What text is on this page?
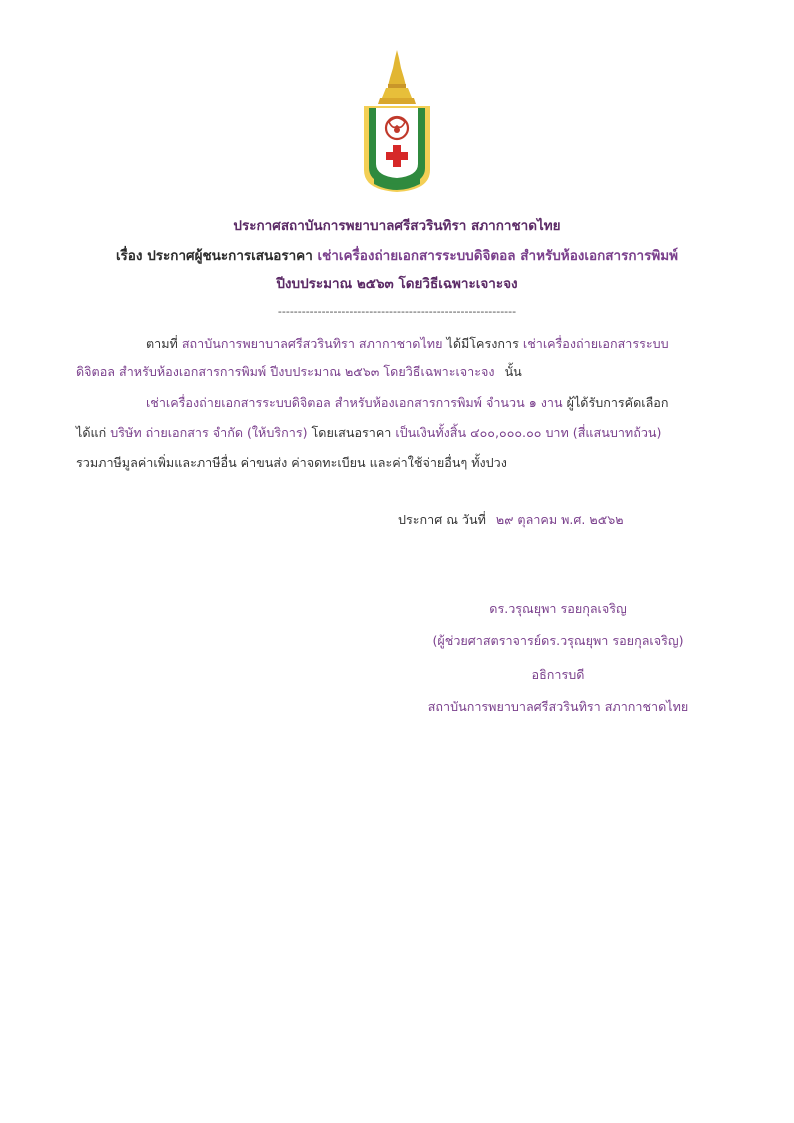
ประกาศสถาบันการพยาบาลศรีสวรินทิรา สภากาชาดไทย
เรื่อง ประกาศผู้ชนะการเสนอราคา เช่าเครื่องถ่ายเอกสารระบบดิจิตอล สำหรับห้องเอกสารการพิมพ์
ปีงบประมาณ ๒๕๖๓ โดยวิธีเฉพาะเจาะจง
------------------------------------------------------------
ตามที่ สถาบันการพยาบาลศรีสวรินทิรา สภากาชาดไทย ได้มีโครงการ เช่าเครื่องถ่ายเอกสารระบบ
ดิจิตอล สำหรับห้องเอกสารการพิมพ์ ปีงบประมาณ ๒๕๖๓ โดยวิธีเฉพาะเจาะจง นั้น
เช่าเครื่องถ่ายเอกสารระบบดิจิตอล สำหรับห้องเอกสารการพิมพ์ จำนวน ๑ งาน ผู้ได้รับการคัดเลือก
ได้แก่ บริษัท ถ่ายเอกสาร จำกัด (ให้บริการ) โดยเสนอราคา เป็นเงินทั้งสิ้น ๔๐๐,๐๐๐.๐๐ บาท (สี่แสนบาทถ้วน)
รวมภาษีมูลค่าเพิ่มและภาษีอื่น ค่าขนส่ง ค่าจดทะเบียน และค่าใช้จ่ายอื่นๆ ทั้งปวง
ประกาศ ณ วันที่ ๒๙ ตุลาคม พ.ศ. ๒๕๖๒
ดร.วรุณยุพา รอยกุลเจริญ
(ผู้ช่วยศาสตราจารย์ดร.วรุณยุพา รอยกุลเจริญ)
อธิการบดี
สถาบันการพยาบาลศรีสวรินทิรา สภากาชาดไทย
